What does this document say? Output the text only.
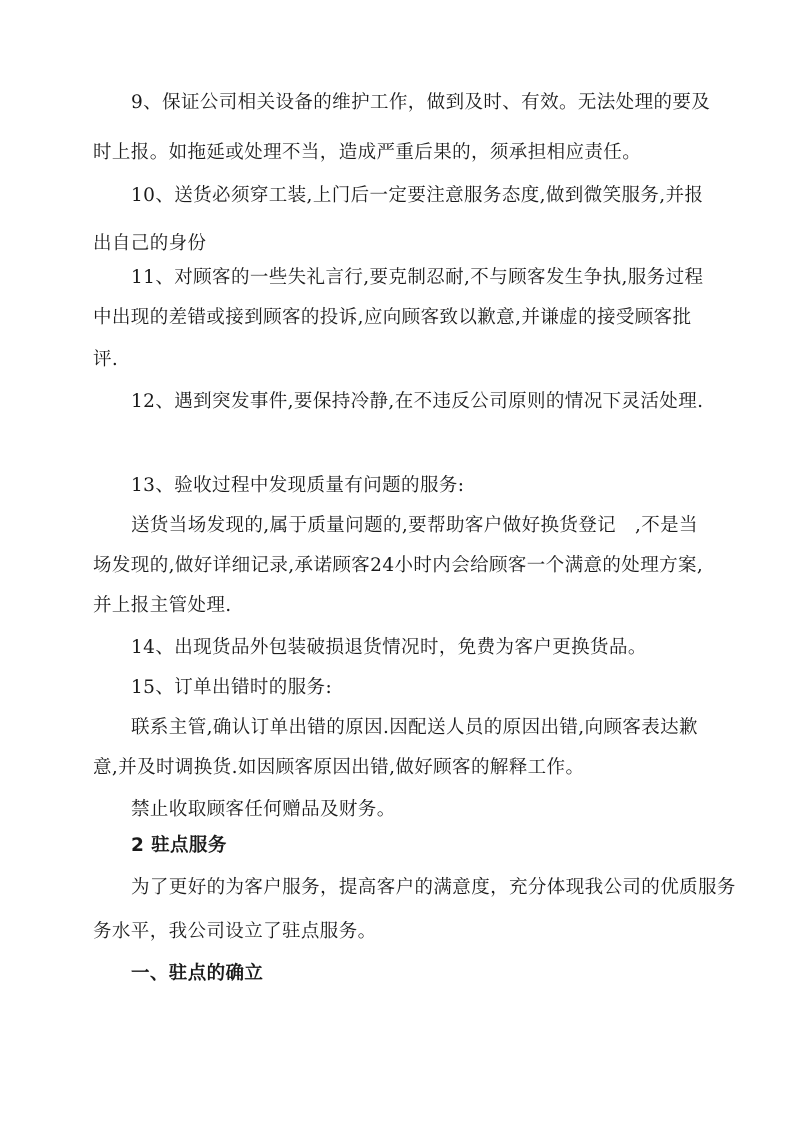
9、保证公司相关设备的维护工作，做到及时、有效。无法处理的要及
时上报。如拖延或处理不当，造成严重后果的，须承担相应责任。
10、送货必须穿工装,上门后一定要注意服务态度,做到微笑服务,并报
出自己的身份
11、对顾客的一些失礼言行,要克制忍耐,不与顾客发生争执,服务过程
中出现的差错或接到顾客的投诉,应向顾客致以歉意,并谦虚的接受顾客批
评.
12、遇到突发事件,要保持冷静,在不违反公司原则的情况下灵活处理.
13、验收过程中发现质量有问题的服务:
送货当场发现的,属于质量问题的,要帮助客户做好换货登记　,不是当
场发现的,做好详细记录,承诺顾客24小时内会给顾客一个满意的处理方案,
并上报主管处理.
14、出现货品外包装破损退货情况时，免费为客户更换货品。
15、订单出错时的服务:
联系主管,确认订单出错的原因.因配送人员的原因出错,向顾客表达歉
意,并及时调换货.如因顾客原因出错,做好顾客的解释工作。
禁止收取顾客任何赠品及财务。
2 驻点服务
为了更好的为客户服务，提高客户的满意度，充分体现我公司的优质服务
务水平，我公司设立了驻点服务。
一、驻点的确立
